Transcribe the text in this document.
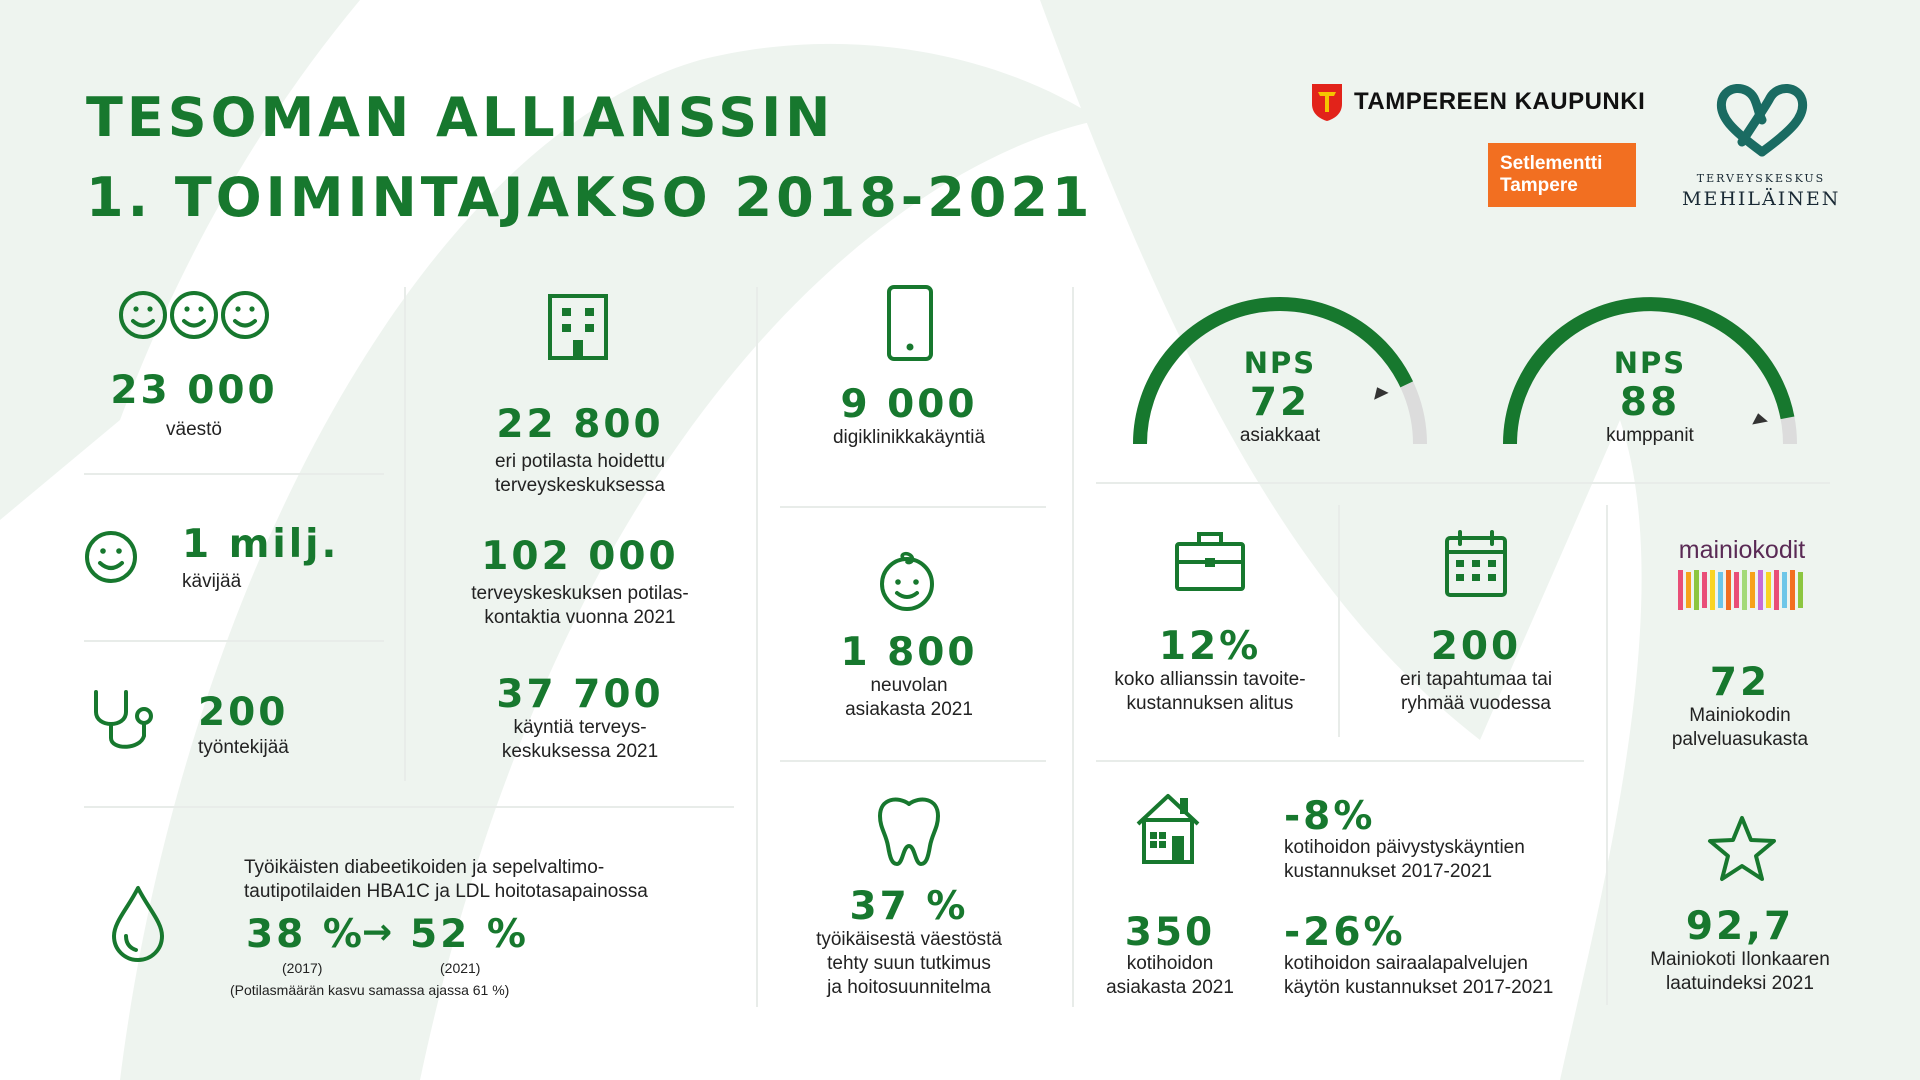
TESOMAN ALLIANSSIN
1. TOIMINTAJAKSO 2018-2021
TAMPEREEN KAUPUNKI
Setlementti
Tampere	TERVEYSKESKUS
MEHILÄINEN
23 000
väestö
1 milj.
kävijää
200
työntekijää
22 800
eri potilasta hoidettu
terveyskeskuksessa
102 000
terveyskeskuksen potilas-
kontaktia vuonna 2021
37 700
käyntiä terveys-
keskuksessa 2021
Työikäisten diabeetikoiden ja sepelvaltimo-
tautipotilaiden HBA1C ja LDL hoitotasapainossa
38 %
→ 52 %
(2017)	(2021)
(Potilasmäärän kasvu samassa ajassa 61 %)
9 000
digiklinikkakäyntiä
1 800
neuvolan
asiakasta 2021
37 %
työikäisestä väestöstä
tehty suun tutkimus
ja hoitosuunnitelma
NPS
72
asiakkaat
NPS
88
kumppanit
12%
koko allianssin tavoite-
kustannuksen alitus
200
eri tapahtumaa tai
ryhmää vuodessa
350
kotihoidon
asiakasta 2021
-8%
kotihoidon päivystyskäyntien
kustannukset 2017-2021
-26%
kotihoidon sairaalapalvelujen
käytön kustannukset 2017-2021
mainiokodit
72
Mainiokodin
palveluasukasta
92,7
Mainiokoti Ilonkaaren
laatuindeksi 2021
